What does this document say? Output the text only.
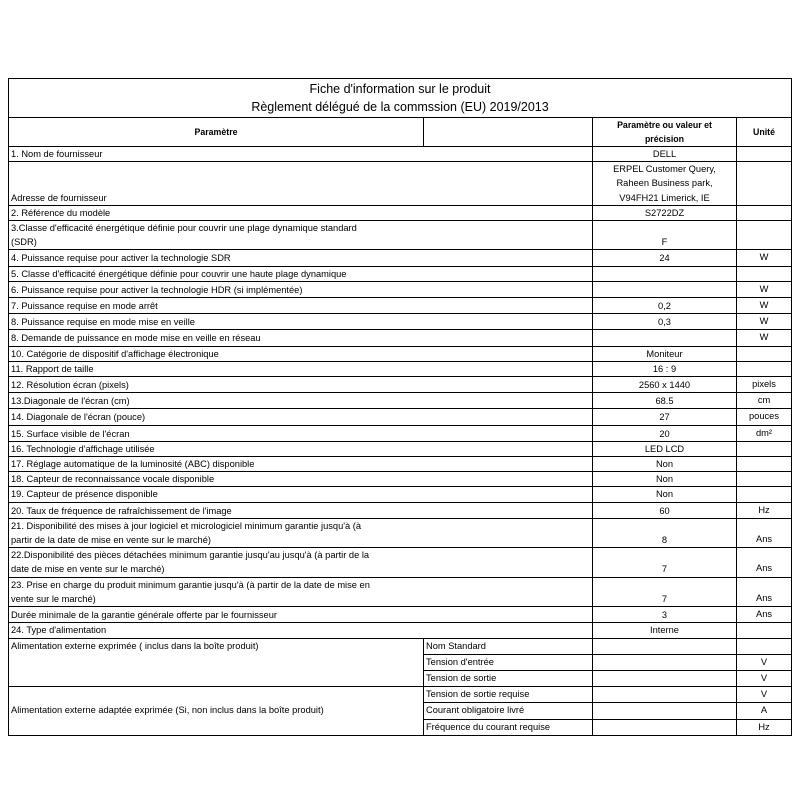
Fiche d'information sur le produit
Règlement délégué de la commssion (EU) 2019/2013			

Paramètre		Paramètre ou valeur et
précision	Unité
1. Nom de fournisseur		DELL	
Adresse de fournisseur		ERPEL Customer Query,
Raheen Business park,
V94FH21 Limerick, IE	

2. Référence du modèle		S2722DZ	

3.Classe d'efficacité énergétique définie pour couvrir une plage dynamique standard
(SDR)		F	
4. Puissance requise pour activer la technologie SDR		24	W
5. Classe d'efficacité énergétique définie pour couvrir une haute plage dynamique			
6. Puissance requise pour activer la technologie HDR (si implémentée)			W
7. Puissance requise en mode arrêt		0,2	W
8. Puissance requise en mode mise en veille		0,3	W
8. Demande de puissance en mode mise en veille en réseau			W
10. Catégorie de dispositif d'affichage électronique		Moniteur	
11. Rapport de taille		16 : 9	
12. Résolution écran (pixels)		2560 x 1440	pixels
13.Diagonale de l'écran (cm)		68.5	cm
14. Diagonale de l'écran (pouce)		27	pouces
15. Surface visible de l'écran		20	dm²
16. Technologie d'affichage utilisée		LED LCD	
17. Réglage automatique de la luminosité (ABC) disponible		Non	
18. Capteur de reconnaissance vocale disponible		Non	
19. Capteur de présence disponible		Non	
20. Taux de fréquence de rafraîchissement de l'image		60	Hz

21. Disponibilité des mises à jour logiciel et micrologiciel minimum garantie jusqu'à (à
partir de la date de mise en vente sur le marché)		8	Ans

22.Disponibilité des pièces détachées minimum garantie jusqu'au jusqu'à (à partir de la
date de mise en vente sur le marché)		7	Ans

23. Prise en charge du produit minimum garantie jusqu'à (à partir de la date de mise en
vente sur le marché)		7	Ans
Durée minimale de la garantie générale offerte par le fournisseur		3	Ans
24. Type d'alimentation		Interne	
Alimentation externe exprimée ( inclus dans la boîte produit)	Nom Standard		
	Tension d'entrée		V
	Tension de sortie		V
Alimentation externe adaptée exprimée (Si, non inclus dans la boîte produit)	Tension de sortie requise		V
	Courant obligatoire livré		A
	Fréquence du courant requise		Hz
